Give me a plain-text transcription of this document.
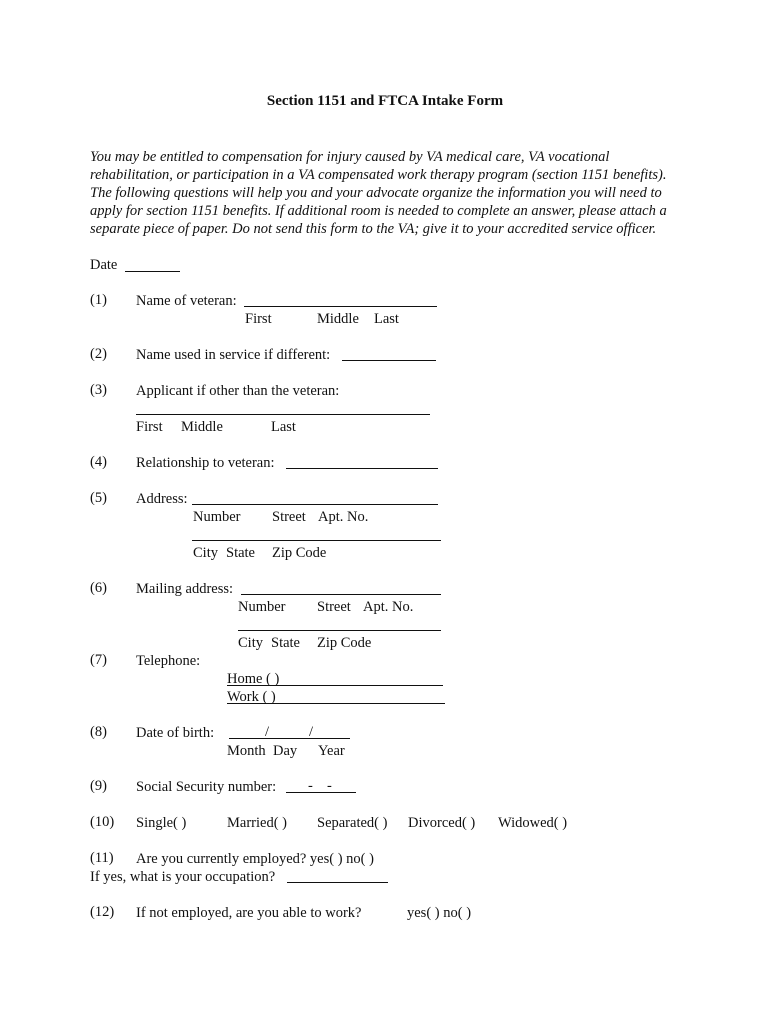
Section 1151 and FTCA Intake Form
You may be entitled to compensation for injury caused by VA medical care, VA vocational rehabilitation, or participation in a VA compensated work therapy program (section 1151 benefits). The following questions will help you and your advocate organize the information you will need to apply for section 1151 benefits. If additional room is needed to complete an answer, please attach a separate piece of paper. Do not send this form to the VA; give it to your accredited service officer.
Date
(1) Name of veteran:
First	Middle Last
(2) Name used in service if different:
(3) Applicant if other than the veteran:
First Middle	Last
(4) Relationship to veteran:
(5) Address:
Number Street Apt. No.
City State Zip Code
(6) Mailing address:
Number Street Apt. No.
City State Zip Code
(7) Telephone:
Home ( )
Work ( )
(8) Date of birth:	/	/
Month Day Year
(9) Social Security number: - -
(10) Single( )	Married( ) Separated( ) Divorced( ) Widowed( )
(11) Are you currently employed? yes( ) no( )
If yes, what is your occupation?
(12) If not employed, are you able to work?	yes( ) no( )
